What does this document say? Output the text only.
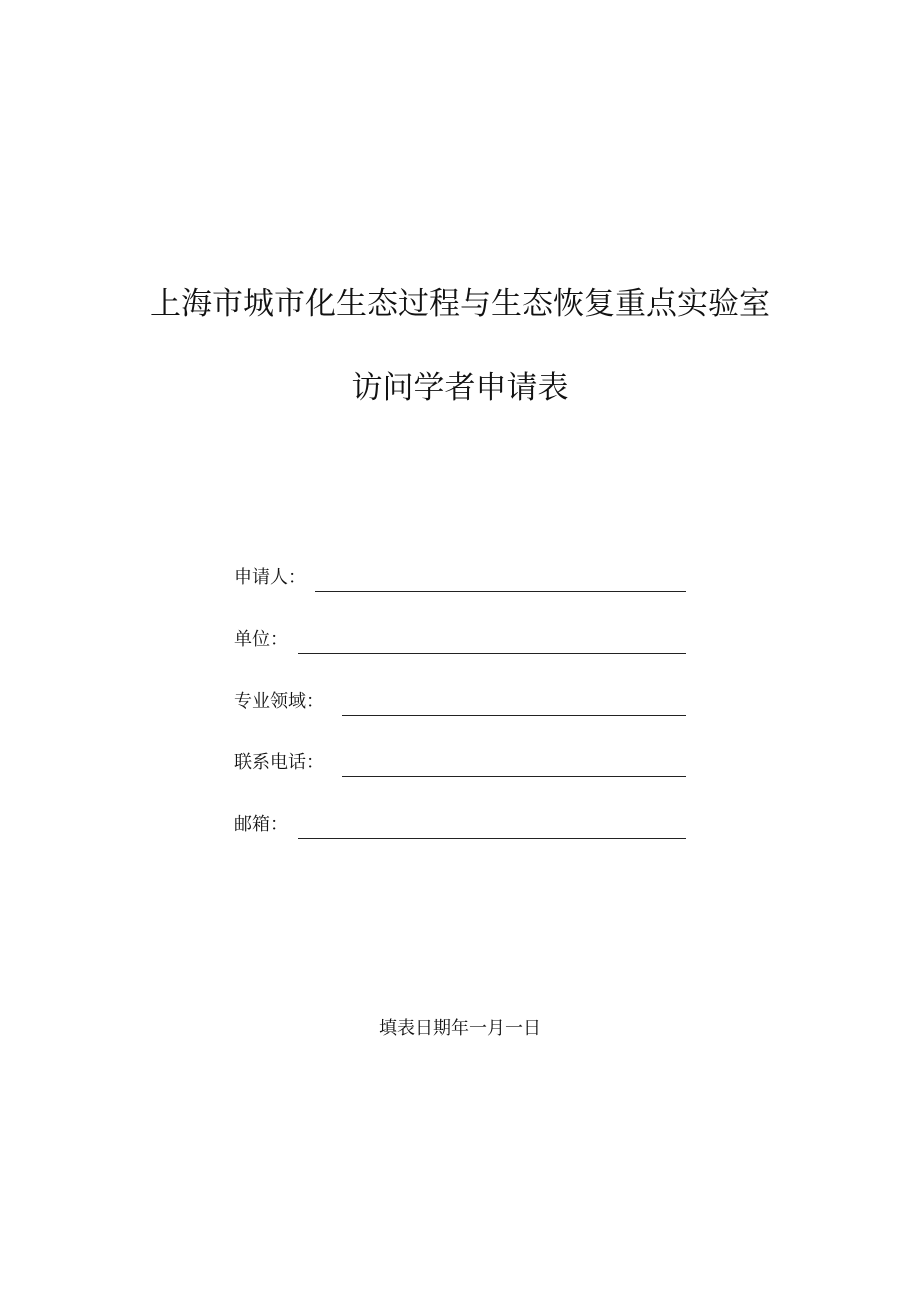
上海市城市化生态过程与生态恢复重点实验室
访问学者申请表
申请人：
单位：
专业领域：
联系电话：
邮箱：
填表日期年一月一日
